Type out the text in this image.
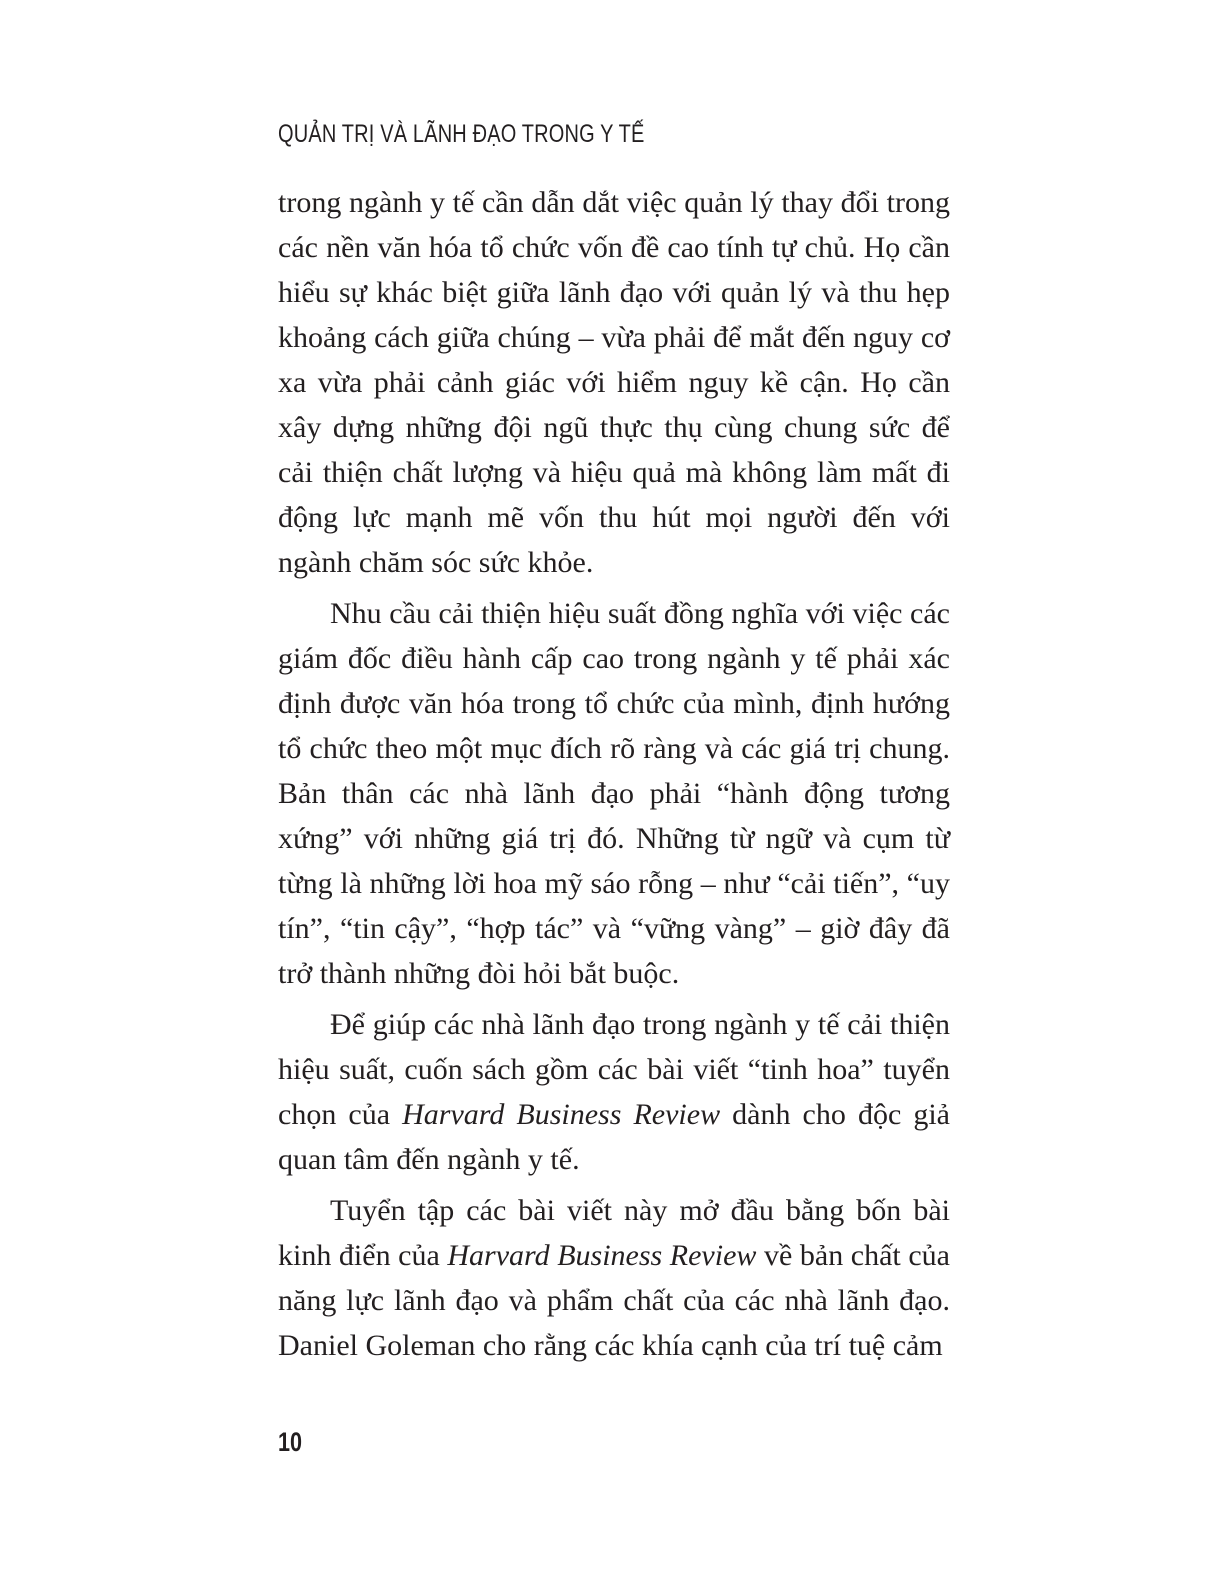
QUẢN TRỊ VÀ LÃNH ĐẠO TRONG Y TẾ

trong ngành y tế cần dẫn dắt việc quản lý thay đổi trong các nền văn hóa tổ chức vốn đề cao tính tự chủ. Họ cần hiểu sự khác biệt giữa lãnh đạo với quản lý và thu hẹp khoảng cách giữa chúng – vừa phải để mắt đến nguy cơ xa vừa phải cảnh giác với hiểm nguy kề cận. Họ cần xây dựng những đội ngũ thực thụ cùng chung sức để cải thiện chất lượng và hiệu quả mà không làm mất đi động lực mạnh mẽ vốn thu hút mọi người đến với ngành chăm sóc sức khỏe.

Nhu cầu cải thiện hiệu suất đồng nghĩa với việc các giám đốc điều hành cấp cao trong ngành y tế phải xác định được văn hóa trong tổ chức của mình, định hướng tổ chức theo một mục đích rõ ràng và các giá trị chung. Bản thân các nhà lãnh đạo phải “hành động tương xứng” với những giá trị đó. Những từ ngữ và cụm từ từng là những lời hoa mỹ sáo rỗng – như “cải tiến”, “uy tín”, “tin cậy”, “hợp tác” và “vững vàng” – giờ đây đã trở thành những đòi hỏi bắt buộc.

Để giúp các nhà lãnh đạo trong ngành y tế cải thiện hiệu suất, cuốn sách gồm các bài viết “tinh hoa” tuyển chọn của Harvard Business Review dành cho độc giả quan tâm đến ngành y tế.

Tuyển tập các bài viết này mở đầu bằng bốn bài kinh điển của Harvard Business Review về bản chất của năng lực lãnh đạo và phẩm chất của các nhà lãnh đạo. Daniel Goleman cho rằng các khía cạnh của trí tuệ cảm

10
